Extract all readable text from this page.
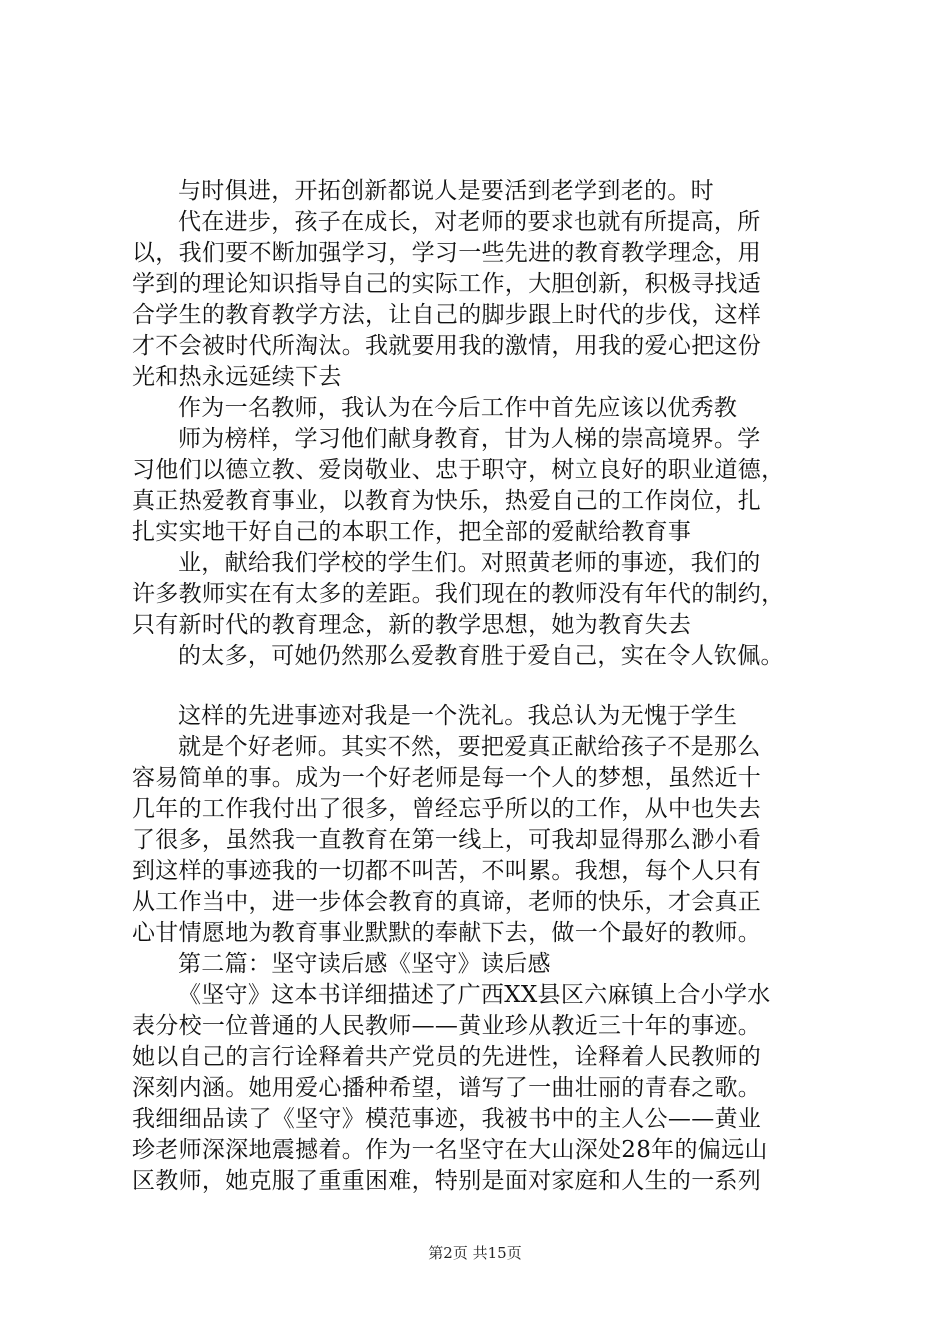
与时俱进，开拓创新都说人是要活到老学到老的。时
代在进步，孩子在成长，对老师的要求也就有所提高，所
以，我们要不断加强学习，学习一些先进的教育教学理念，用
学到的理论知识指导自己的实际工作，大胆创新，积极寻找适
合学生的教育教学方法，让自己的脚步跟上时代的步伐，这样
才不会被时代所淘汰。我就要用我的激情，用我的爱心把这份
光和热永远延续下去
作为一名教师，我认为在今后工作中首先应该以优秀教
师为榜样，学习他们献身教育，甘为人梯的崇高境界。学
习他们以德立教、爱岗敬业、忠于职守，树立良好的职业道德，
真正热爱教育事业，以教育为快乐，热爱自己的工作岗位，扎
扎实实地干好自己的本职工作，把全部的爱献给教育事
业，献给我们学校的学生们。对照黄老师的事迹，我们的
许多教师实在有太多的差距。我们现在的教师没有年代的制约，
只有新时代的教育理念，新的教学思想，她为教育失去
的太多，可她仍然那么爱教育胜于爱自己，实在令人钦佩。
这样的先进事迹对我是一个洗礼。我总认为无愧于学生
就是个好老师。其实不然，要把爱真正献给孩子不是那么
容易简单的事。成为一个好老师是每一个人的梦想，虽然近十
几年的工作我付出了很多，曾经忘乎所以的工作，从中也失去
了很多，虽然我一直教育在第一线上，可我却显得那么渺小看
到这样的事迹我的一切都不叫苦，不叫累。我想，每个人只有
从工作当中，进一步体会教育的真谛，老师的快乐，才会真正
心甘情愿地为教育事业默默的奉献下去，做一个最好的教师。
第二篇：坚守读后感《坚守》读后感
《坚守》这本书详细描述了广西XX县区六麻镇上合小学水
表分校一位普通的人民教师——黄业珍从教近三十年的事迹。
她以自己的言行诠释着共产党员的先进性，诠释着人民教师的
深刻内涵。她用爱心播种希望，谱写了一曲壮丽的青春之歌。
我细细品读了《坚守》模范事迹，我被书中的主人公——黄业
珍老师深深地震撼着。作为一名坚守在大山深处28年的偏远山
区教师，她克服了重重困难，特别是面对家庭和人生的一系列
第2页 共15页
